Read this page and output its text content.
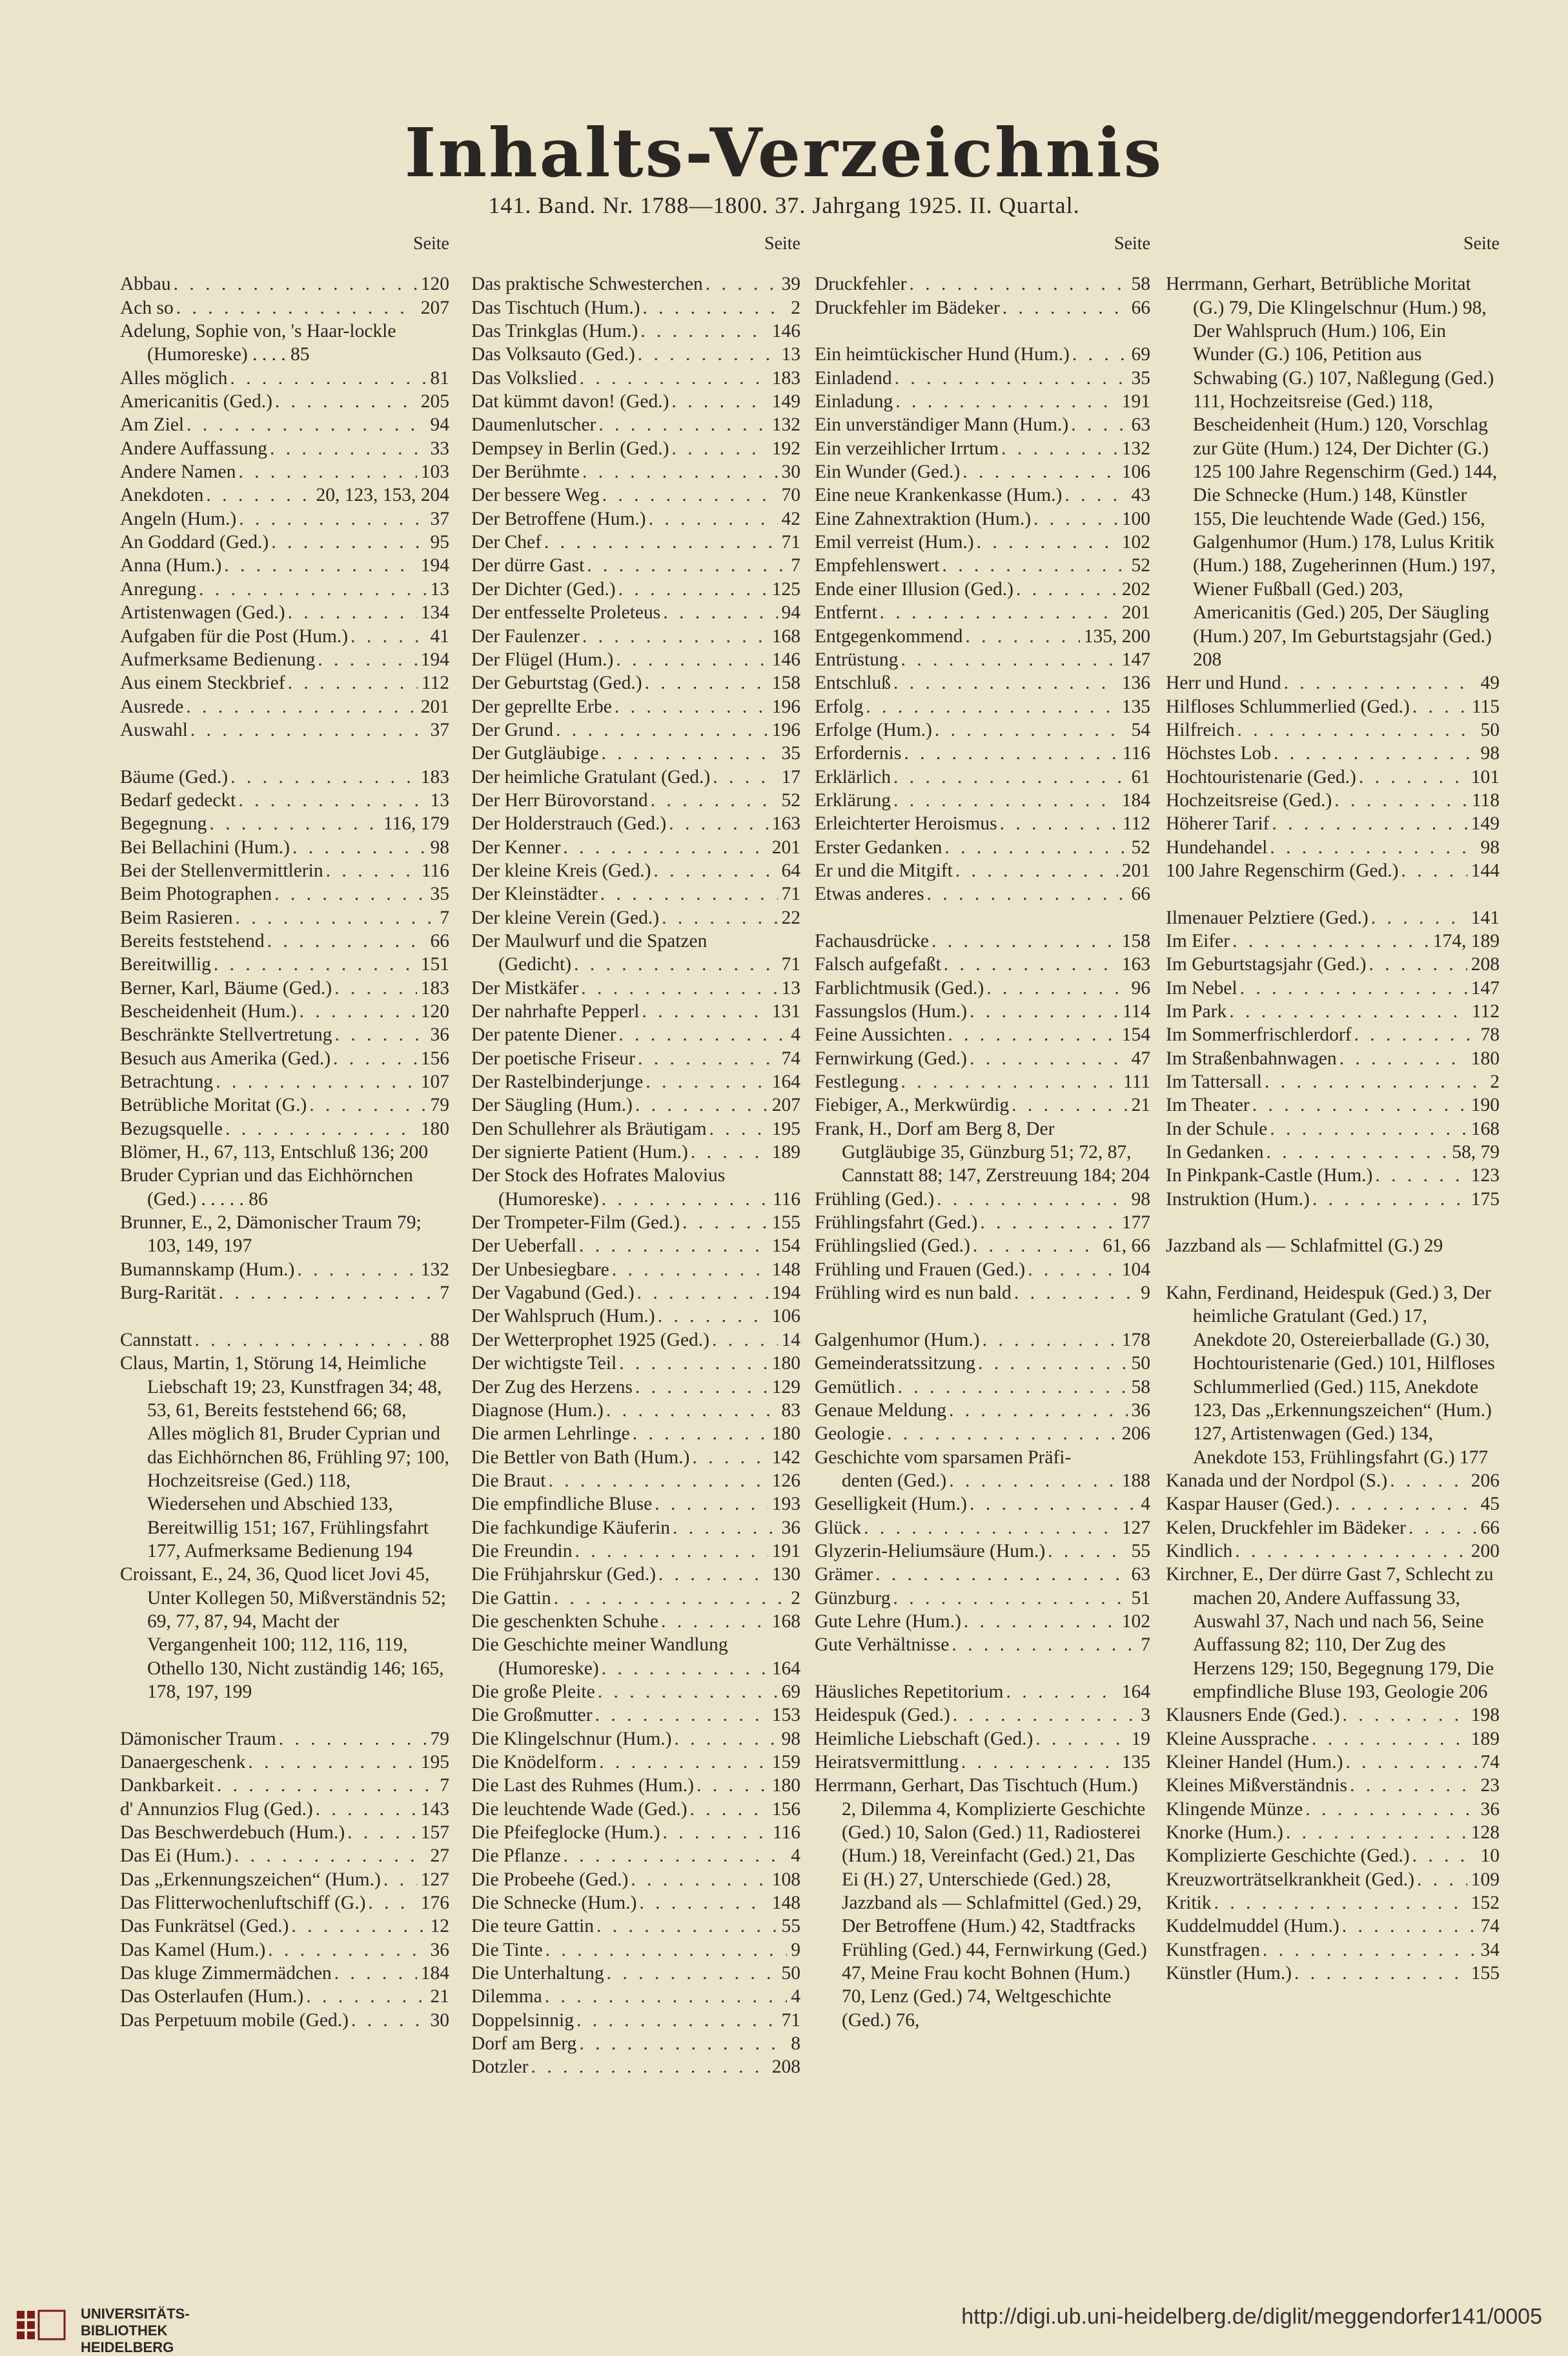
Inhalts-Verzeichnis
141. Band. Nr. 1788—1800. 37. Jahrgang 1925. II. Quartal.
Seite
Abbau . . .	120
Ach so . . .	207
Adelung, Sophie von, 's Haar-lockle (Humoreske) . . . . 85
Alles möglich . . .	81
Americanitis (Ged.) . . .	205
Am Ziel . . .	94
Andere Auffassung . . .	33
Andere Namen . . .	103
Anekdoten . . .	20, 123, 153, 204
Angeln (Hum.) . . .	37
An Goddard (Ged.) . . .	95
Anna (Hum.) . . .	194
Anregung . . .	13
Artistenwagen (Ged.) . . .	134
Aufgaben für die Post (Hum.) . . .	41
Aufmerksame Bedienung . . .	194
Aus einem Steckbrief . . .	112
Ausrede . . .	201
Auswahl . . .	37
Bäume (Ged.) . . .	183
Bedarf gedeckt . . .	13
Begegnung . . .	116, 179
Bei Bellachini (Hum.) . . .	98
Bei der Stellenvermittlerin . . .	116
Beim Photographen . . .	35
Beim Rasieren . . .	7
Bereits feststehend . . .	66
Bereitwillig . . .	151
Berner, Karl, Bäume (Ged.) . . .	183
Bescheidenheit (Hum.) . . .	120
Beschränkte Stellvertretung . . .	36
Besuch aus Amerika (Ged.) . . .	156
Betrachtung . . .	107
Betrübliche Moritat (G.) . . .	79
Bezugsquelle . . .	180
Blömer, H., 67, 113, Entschluß 136; 200
Bruder Cyprian und das Eichhörnchen (Ged.) . . . . . 86
Brunner, E., 2, Dämonischer Traum 79; 103, 149, 197
Bumannskamp (Hum.) . . .	132
Burg-Rarität . . .	7
Cannstatt . . .	88
Claus, Martin, 1, Störung 14, Heimliche Liebschaft 19; 23, Kunstfragen 34; 48, 53, 61, Bereits feststehend 66; 68, Alles möglich 81, Bruder Cyprian und das Eichhörnchen 86, Frühling 97; 100, Hochzeitsreise (Ged.) 118, Wiedersehen und Abschied 133, Bereitwillig 151; 167, Frühlingsfahrt 177, Aufmerksame Bedienung 194
Croissant, E., 24, 36, Quod licet Jovi 45, Unter Kollegen 50, Mißverständnis 52; 69, 77, 87, 94, Macht der Vergangenheit 100; 112, 116, 119, Othello 130, Nicht zuständig 146; 165, 178, 197, 199
Dämonischer Traum . . .	79
Danaergeschenk . . .	195
Dankbarkeit . . .	7
d' Annunzios Flug (Ged.) . . .	143
Das Beschwerdebuch (Hum.) . . .	157
Das Ei (Hum.) . . .	27
Das „Erkennungszeichen“ (Hum.) . . . 127
Das Flitterwochenluftschiff (G.) . . .	176
Das Funkrätsel (Ged.) . . .	12
Das Kamel (Hum.) . . .	36
Das kluge Zimmermädchen . . .	184
Das Osterlaufen (Hum.) . . .	21
Das Perpetuum mobile (Ged.) . . .	30
Seite
Das praktische Schwesterchen . . .	39
Das Tischtuch (Hum.) . . .	2
Das Trinkglas (Hum.) . . .	146
Das Volksauto (Ged.) . . .	13
Das Volkslied . . .	183
Dat kümmt davon! (Ged.) . . .	149
Daumenlutscher . . .	132
Dempsey in Berlin (Ged.) . . .	192
Der Berühmte . . .	30
Der bessere Weg . . .	70
Der Betroffene (Hum.) . . .	42
Der Chef . . .	71
Der dürre Gast . . .	7
Der Dichter (Ged.) . . .	125
Der entfesselte Proleteus . . .	94
Der Faulenzer . . .	168
Der Flügel (Hum.) . . .	146
Der Geburtstag (Ged.) . . .	158
Der geprellte Erbe . . .	196
Der Grund . . .	196
Der Gutgläubige . . .	35
Der heimliche Gratulant (Ged.) . . .	17
Der Herr Bürovorstand . . .	52
Der Holderstrauch (Ged.) . . .	163
Der Kenner . . .	201
Der kleine Kreis (Ged.) . . .	64
Der Kleinstädter . . .	71
Der kleine Verein (Ged.) . . .	22
Der Maulwurf und die Spatzen
(Gedicht) . . .	71
Der Mistkäfer . . .	13
Der nahrhafte Pepperl . . .	131
Der patente Diener . . .	4
Der poetische Friseur . . .	74
Der Rastelbinderjunge . . .	164
Der Säugling (Hum.) . . .	207
Den Schullehrer als Bräutigam . . .	195
Der signierte Patient (Hum.) . . .	189
Der Stock des Hofrates Malovius
(Humoreske) . . .	116
Der Trompeter-Film (Ged.) . . .	155
Der Ueberfall . . .	154
Der Unbesiegbare . . .	148
Der Vagabund (Ged.) . . .	194
Der Wahlspruch (Hum.) . . .	106
Der Wetterprophet 1925 (Ged.) . . .	14
Der wichtigste Teil . . .	180
Der Zug des Herzens . . .	129
Diagnose (Hum.) . . .	83
Die armen Lehrlinge . . .	180
Die Bettler von Bath (Hum.) . . .	142
Die Braut . . .	126
Die empfindliche Bluse . . .	193
Die fachkundige Käuferin . . .	36
Die Freundin . . .	191
Die Frühjahrskur (Ged.) . . .	130
Die Gattin . . .	2
Die geschenkten Schuhe . . .	168
Die Geschichte meiner Wandlung
(Humoreske) . . .	164
Die große Pleite . . .	69
Die Großmutter . . .	153
Die Klingelschnur (Hum.) . . .	98
Die Knödelform . . .	159
Die Last des Ruhmes (Hum.) . . .	180
Die leuchtende Wade (Ged.) . . .	156
Die Pfeifeglocke (Hum.) . . .	116
Die Pflanze . . .	4
Die Probeehe (Ged.) . . .	108
Die Schnecke (Hum.) . . .	148
Die teure Gattin . . .	55
Die Tinte . . .	9
Die Unterhaltung . . .	50
Dilemma . . .	4
Doppelsinnig . . .	71
Dorf am Berg . . .	8
Dotzler . . .	208
Seite
Druckfehler . . .	58
Druckfehler im Bädeker . . .	66
Ein heimtückischer Hund (Hum.) . . .	69
Einladend . . .	35
Einladung . . .	191
Ein unverständiger Mann (Hum.) . . .	63
Ein verzeihlicher Irrtum . . .	132
Ein Wunder (Ged.) . . .	106
Eine neue Krankenkasse (Hum.) . . .	43
Eine Zahnextraktion (Hum.) . . .	100
Emil verreist (Hum.) . . .	102
Empfehlenswert . . .	52
Ende einer Illusion (Ged.) . . .	202
Entfernt . . .	201
Entgegenkommend . . .	135, 200
Entrüstung . . .	147
Entschluß . . .	136
Erfolg . . .	135
Erfolge (Hum.) . . .	54
Erfordernis . . .	116
Erklärlich . . .	61
Erklärung . . .	184
Erleichterter Heroismus . . .	112
Erster Gedanken . . .	52
Er und die Mitgift . . .	201
Etwas anderes . . .	66
Fachausdrücke . . .	158
Falsch aufgefaßt . . .	163
Farblichtmusik (Ged.) . . .	96
Fassungslos (Hum.) . . .	114
Feine Aussichten . . .	154
Fernwirkung (Ged.) . . .	47
Festlegung . . .	111
Fiebiger, A., Merkwürdig . . .	21
Frank, H., Dorf am Berg 8, Der Gutgläubige 35, Günzburg 51; 72, 87, Cannstatt 88; 147, Zerstreuung 184; 204
Frühling (Ged.) . . .	98
Frühlingsfahrt (Ged.) . . .	177
Frühlingslied (Ged.) . . .	61, 66
Frühling und Frauen (Ged.) . . .	104
Frühling wird es nun bald . . .	9
Galgenhumor (Hum.) . . .	178
Gemeinderatssitzung . . .	50
Gemütlich . . .	58
Genaue Meldung . . .	36
Geologie . . .	206
Geschichte vom sparsamen Präfi-
denten (Ged.) . . .	188
Geselligkeit (Hum.) . . .	4
Glück . . .	127
Glyzerin-Heliumsäure (Hum.) . . .	55
Grämer . . .	63
Günzburg . . .	51
Gute Lehre (Hum.) . . .	102
Gute Verhältnisse . . .	7
Häusliches Repetitorium . . .	164
Heidespuk (Ged.) . . .	3
Heimliche Liebschaft (Ged.) . . .	19
Heiratsvermittlung . . .	135
Herrmann, Gerhart, Das Tischtuch (Hum.) 2, Dilemma 4, Komplizierte Geschichte (Ged.) 10, Salon (Ged.) 11, Radiosterei (Hum.) 18, Vereinfacht (Ged.) 21, Das Ei (H.) 27, Unterschiede (Ged.) 28, Jazzband als — Schlafmittel (Ged.) 29, Der Betroffene (Hum.) 42, Stadtfracks Frühling (Ged.) 44, Fernwirkung (Ged.) 47, Meine Frau kocht Bohnen (Hum.) 70, Lenz (Ged.) 74, Weltgeschichte (Ged.) 76,
Seite
Herrmann, Gerhart, Betrübliche Moritat (G.) 79, Die Klingelschnur (Hum.) 98, Der Wahlspruch (Hum.) 106, Ein Wunder (G.) 106, Petition aus Schwabing (G.) 107, Naßlegung (Ged.) 111, Hochzeitsreise (Ged.) 118, Bescheidenheit (Hum.) 120, Vorschlag zur Güte (Hum.) 124, Der Dichter (G.) 125 100 Jahre Regenschirm (Ged.) 144, Die Schnecke (Hum.) 148, Künstler 155, Die leuchtende Wade (Ged.) 156, Galgenhumor (Hum.) 178, Lulus Kritik (Hum.) 188, Zugeherinnen (Hum.) 197, Wiener Fußball (Ged.) 203, Americanitis (Ged.) 205, Der Säugling (Hum.) 207, Im Geburtstagsjahr (Ged.) 208
Herr und Hund . . .	49
Hilfloses Schlummerlied (Ged.) . . .	115
Hilfreich . . .	50
Höchstes Lob . . .	98
Hochtouristenarie (Ged.) . . .	101
Hochzeitsreise (Ged.) . . .	118
Höherer Tarif . . .	149
Hundehandel . . .	98
100 Jahre Regenschirm (Ged.) . . .	144
Ilmenauer Pelztiere (Ged.) . . .	141
Im Eifer . . .	174, 189
Im Geburtstagsjahr (Ged.) . . .	208
Im Nebel . . .	147
Im Park . . .	112
Im Sommerfrischlerdorf . . .	78
Im Straßenbahnwagen . . .	180
Im Tattersall . . .	2
Im Theater . . .	190
In der Schule . . .	168
In Gedanken . . .	58, 79
In Pinkpank-Castle (Hum.) . . .	123
Instruktion (Hum.) . . .	175
Jazzband als — Schlafmittel (G.) 29
Kahn, Ferdinand, Heidespuk (Ged.) 3, Der heimliche Gratulant (Ged.) 17, Anekdote 20, Ostereierballade (G.) 30, Hochtouristenarie (Ged.) 101, Hilfloses Schlummerlied (Ged.) 115, Anekdote 123, Das „Erkennungszeichen“ (Hum.) 127, Artistenwagen (Ged.) 134, Anekdote 153, Frühlingsfahrt (G.) 177
Kanada und der Nordpol (S.) . . .	206
Kaspar Hauser (Ged.) . . .	45
Kelen, Druckfehler im Bädeker . . .	66
Kindlich . . .	200
Kirchner, E., Der dürre Gast 7, Schlecht zu machen 20, Andere Auffassung 33, Auswahl 37, Nach und nach 56, Seine Auffassung 82; 110, Der Zug des Herzens 129; 150, Begegnung 179, Die empfindliche Bluse 193, Geologie 206
Klausners Ende (Ged.) . . .	198
Kleine Aussprache . . .	189
Kleiner Handel (Hum.) . . .	74
Kleines Mißverständnis . . .	23
Klingende Münze . . .	36
Knorke (Hum.) . . .	128
Komplizierte Geschichte (Ged.) . . .	10
Kreuzworträtselkrankheit (Ged.) . . .	109
Kritik . . .	152
Kuddelmuddel (Hum.) . . .	74
Kunstfragen . . .	34
Künstler (Hum.) . . .	155
UNIVERSITÄTS-
BIBLIOTHEK
HEIDELBERG
http://digi.ub.uni-heidelberg.de/diglit/meggendorfer141/0005
